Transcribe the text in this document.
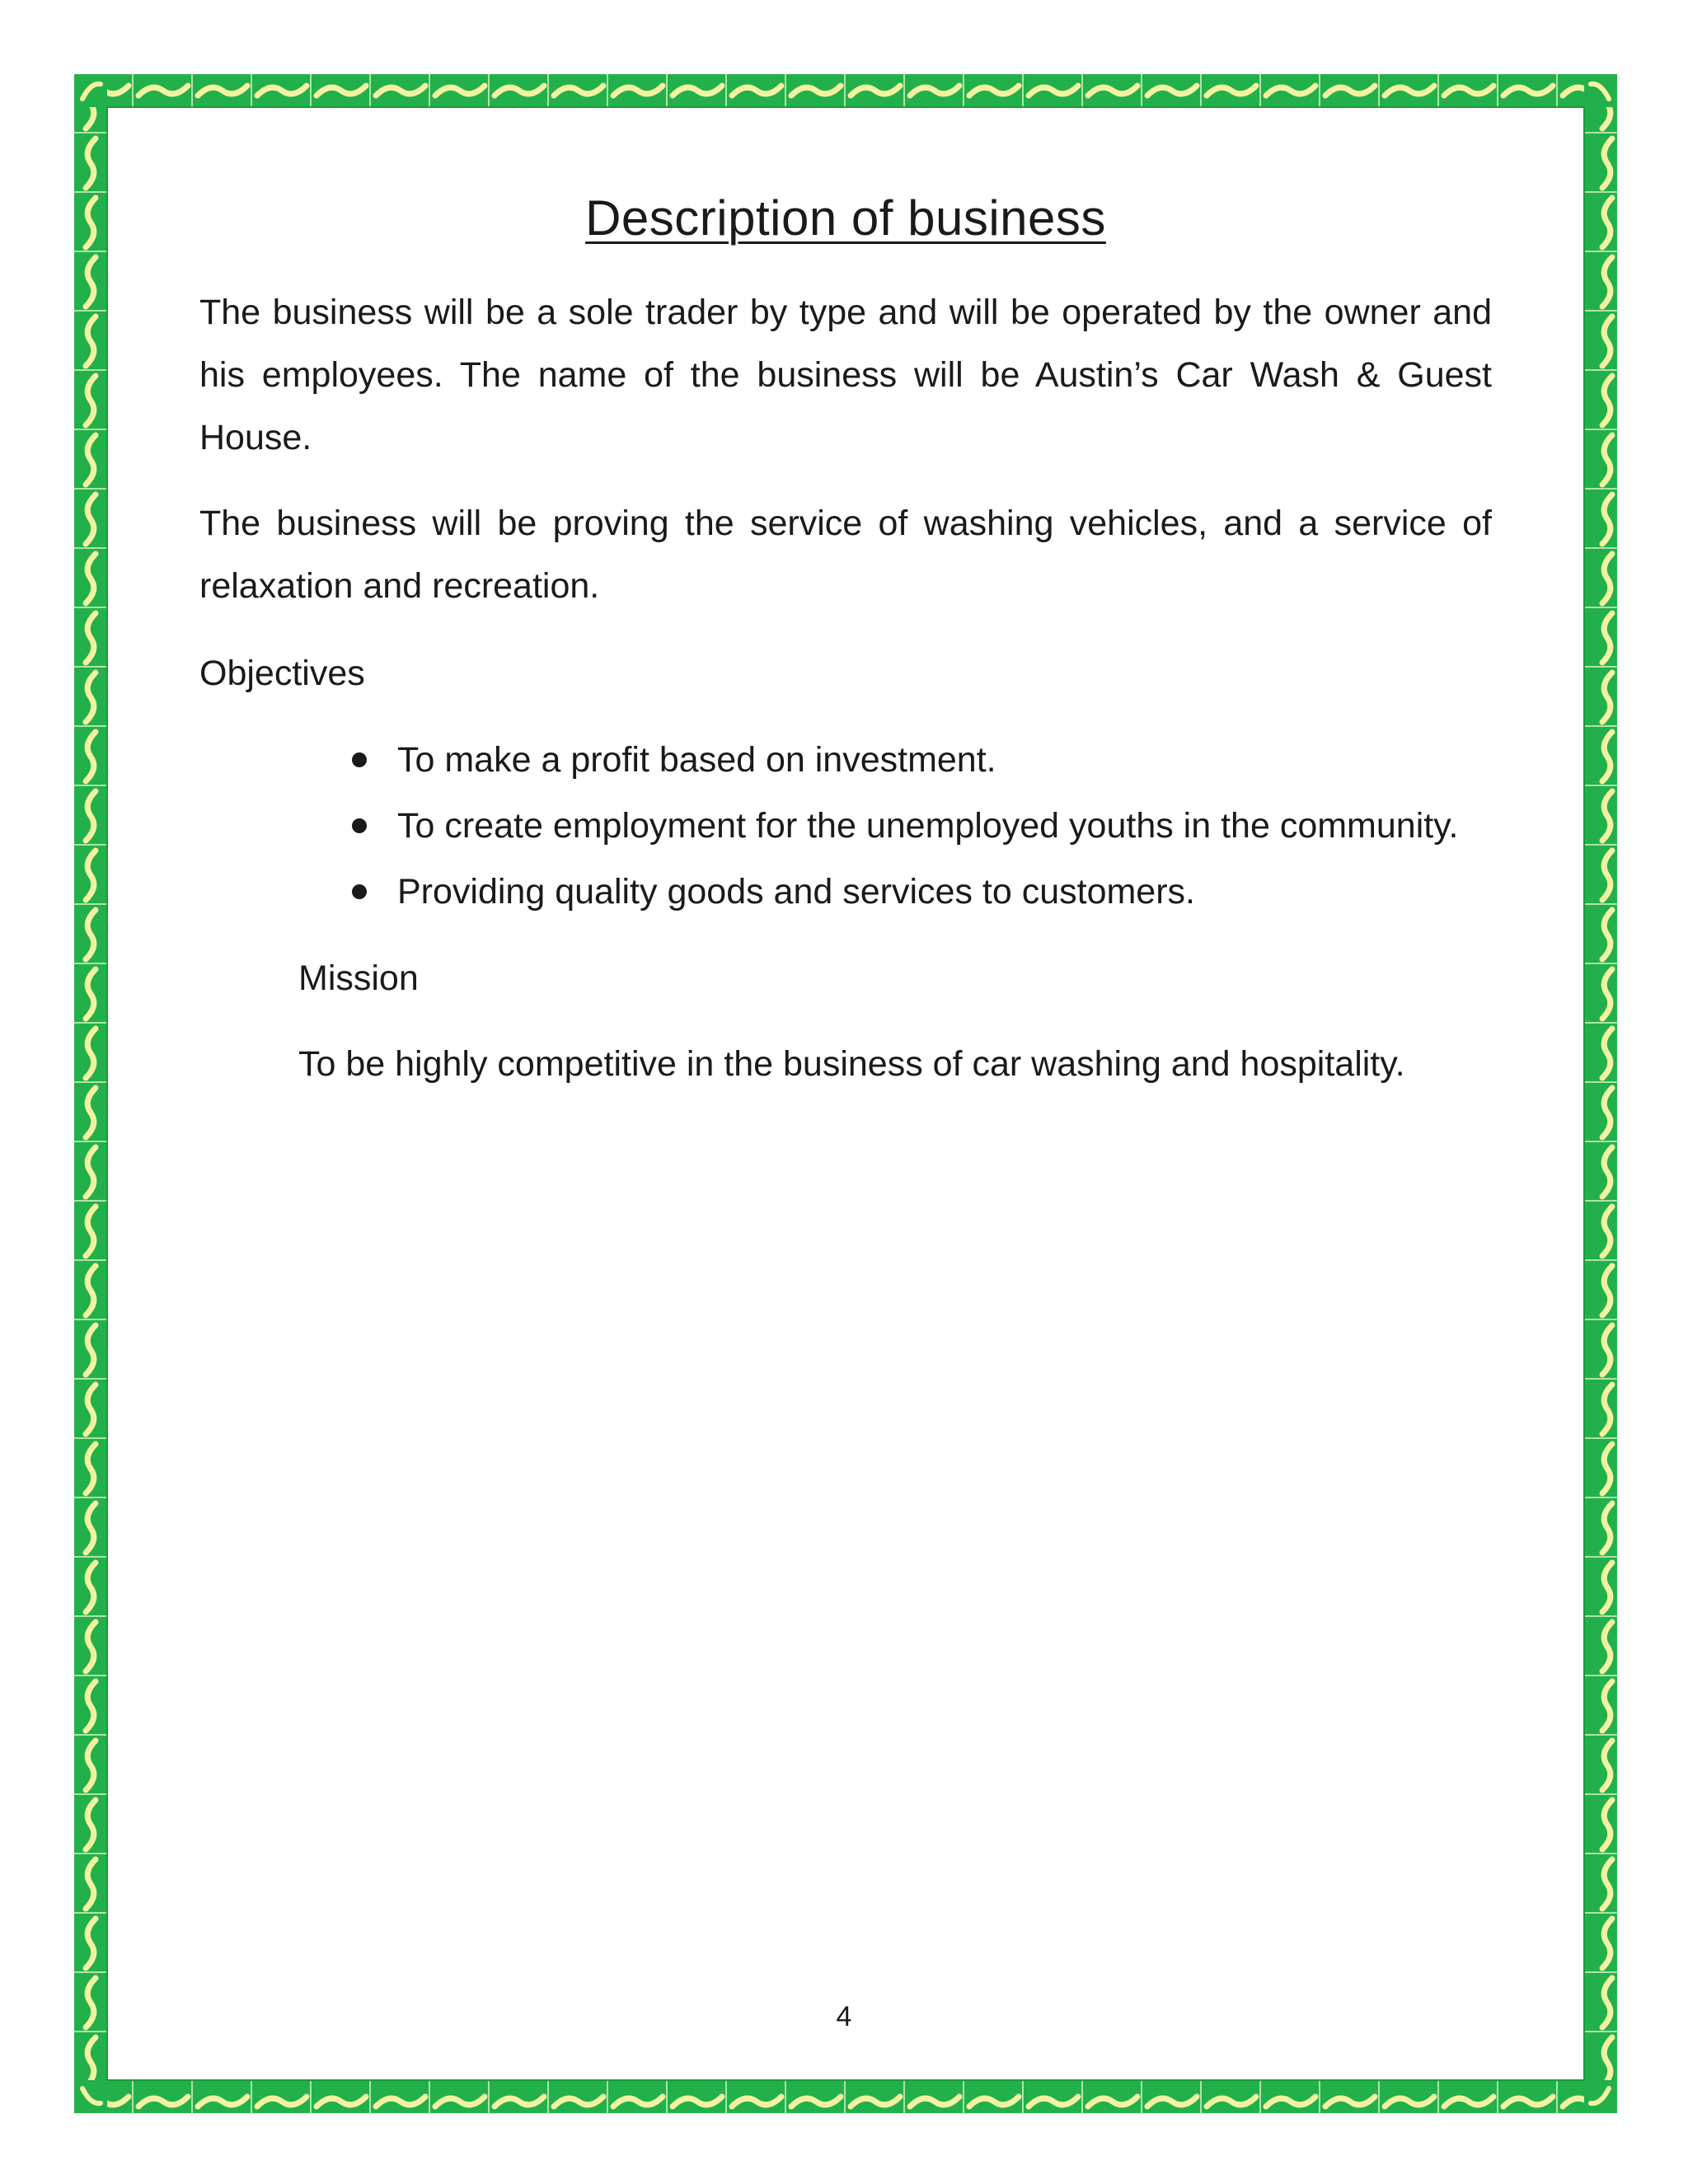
Description of business

The business will be a sole trader by type and will be operated by the owner and his employees. The name of the business will be Austin’s Car Wash & Guest House.

The business will be proving the service of washing vehicles, and a service of relaxation and recreation.

Objectives

To make a profit based on investment.
To create employment for the unemployed youths in the community.
Providing quality goods and services to customers.

Mission

To be highly competitive in the business of car washing and hospitality.

4
